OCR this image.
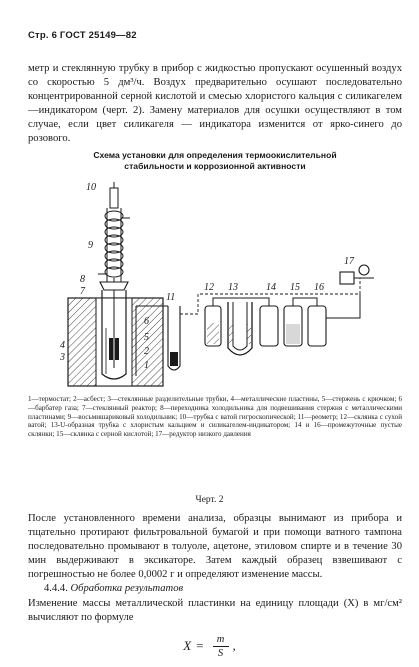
Стр. 6 ГОСТ 25149—82
метр и стеклянную трубку в прибор с жидкостью пропускают осушенный воздух со скоростью 5 дм³/ч. Воздух предварительно осушают последовательно концентрированной серной кислотой и смесью хлористого кальция с силикагелем—индикатором (черт. 2). Замену материалов для осушки осуществляют в том случае, если цвет силикагеля — индикатора изменится от ярко-синего до розового.
Схема установки для определения термоокислительной
стабильности и коррозионной активности
10
9
8
7
6
5
4
3
2
1
11
12 13	14 15 16
17
1—термостат; 2—асбест; 3—стеклянные разделительные трубки, 4—металлические пластины, 5—стержень с крючком; 6—барбатер газа; 7—стеклянный реактор; 8—переходника холодильника для подвешивания стержня с металлическими пластинами; 9—восьмишариковый холодильник; 10—трубка с ватой гигроскопической; 11—реометр; 12—склянка с сухой ватой; 13-U-образная трубка с хлористым кальцием и силикагелем-индикатором; 14 и 16—промежуточные пустые склянки; 15—склянка с серной кислотой; 17—редуктор низкого давления
Черт. 2
После установленного времени анализа, образцы вынимают из прибора и тщательно протирают фильтровальной бумагой и при помощи ватного тампона последовательно промывают в толуоле, ацетоне, этиловом спирте и в течение 30 мин выдерживают в эксикаторе. Затем каждый образец взвешивают с погрешностью не более 0,0002 г и определяют изменение массы.
4.4.4. Обработка результатов
Изменение массы металлической пластинки на единицу площади (X) в мг/см² вычисляют по формуле
$X = \frac{m}{S}$ ,
